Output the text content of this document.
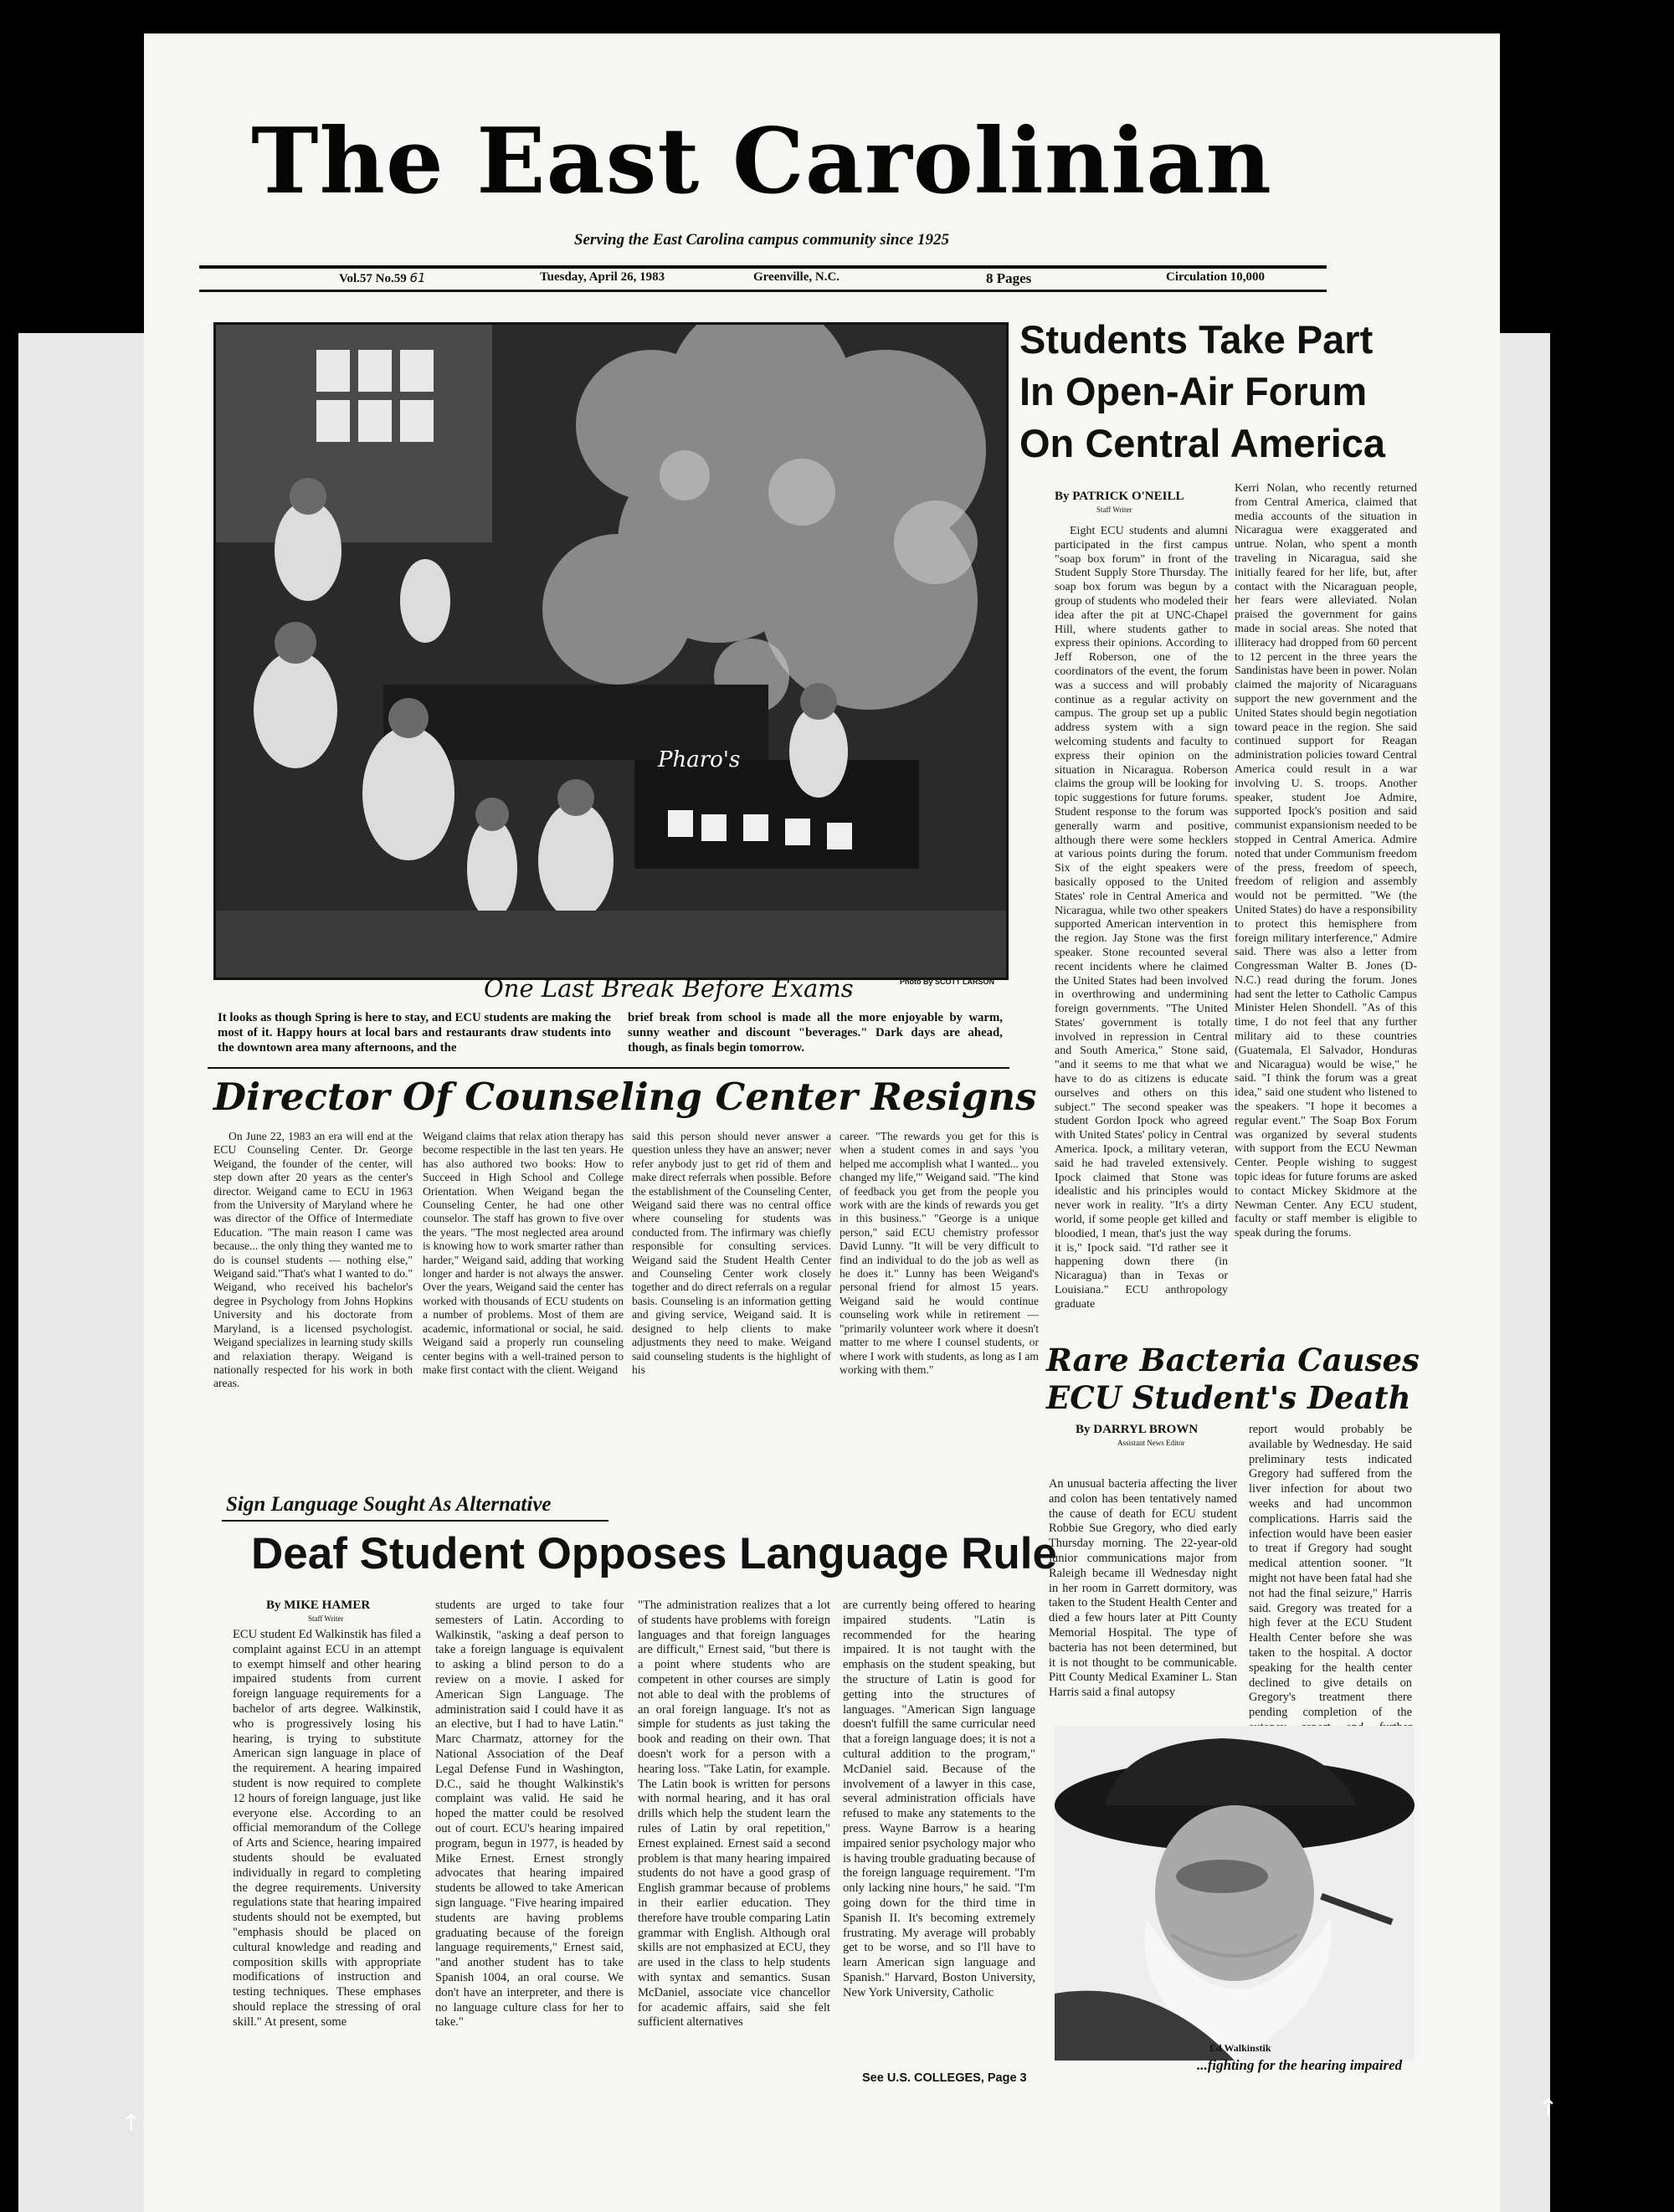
↑
↑
The East Carolinian
Serving the East Carolina campus community since 1925
Vol.57 No.59 61	Tuesday, April 26, 1983	Greenville, N.C.	8 Pages	Circulation 10,000
Pharo's
Photo By SCOTT LARSON
One Last Break Before Exams
It looks as though Spring is here to stay, and ECU students are making the most of it. Happy hours at local bars and restaurants draw students into the downtown area many afternoons, and the
brief break from school is made all the more enjoyable by warm, sunny weather and discount "beverages." Dark days are ahead, though, as finals begin tomorrow.
Students Take Part
In Open-Air Forum
On Central America
By PATRICK O'NEILL
Staff Writer
Eight ECU students and alumni participated in the first campus "soap box forum" in front of the Student Supply Store Thursday. The soap box forum was begun by a group of students who modeled their idea after the pit at UNC-Chapel Hill, where students gather to express their opinions. According to Jeff Roberson, one of the coordinators of the event, the forum was a success and will probably continue as a regular activity on campus. The group set up a public address system with a sign welcoming students and faculty to express their opinion on the situation in Nicaragua. Roberson claims the group will be looking for topic suggestions for future forums. Student response to the forum was generally warm and positive, although there were some hecklers at various points during the forum. Six of the eight speakers were basically opposed to the United States' role in Central America and Nicaragua, while two other speakers supported American intervention in the region. Jay Stone was the first speaker. Stone recounted several recent incidents where he claimed the United States had been involved in overthrowing and undermining foreign governments. "The United States' government is totally involved in repression in Central and South America," Stone said, "and it seems to me that what we have to do as citizens is educate ourselves and others on this subject." The second speaker was student Gordon Ipock who agreed with United States' policy in Central America. Ipock, a military veteran, said he had traveled extensively. Ipock claimed that Stone was idealistic and his principles would never work in reality. "It's a dirty world, if some people get killed and bloodied, I mean, that's just the way it is," Ipock said. "I'd rather see it happening down there (in Nicaragua) than in Texas or Louisiana." ECU anthropology graduate
Kerri Nolan, who recently returned from Central America, claimed that media accounts of the situation in Nicaragua were exaggerated and untrue. Nolan, who spent a month traveling in Nicaragua, said she initially feared for her life, but, after contact with the Nicaraguan people, her fears were alleviated. Nolan praised the government for gains made in social areas. She noted that illiteracy had dropped from 60 percent to 12 percent in the three years the Sandinistas have been in power. Nolan claimed the majority of Nicaraguans support the new government and the United States should begin negotiation toward peace in the region. She said continued support for Reagan administration policies toward Central America could result in a war involving U. S. troops. Another speaker, student Joe Admire, supported Ipock's position and said communist expansionism needed to be stopped in Central America. Admire noted that under Communism freedom of the press, freedom of speech, freedom of religion and assembly would not be permitted. "We (the United States) do have a responsibility to protect this hemisphere from foreign military interference," Admire said. There was also a letter from Congressman Walter B. Jones (D-N.C.) read during the forum. Jones had sent the letter to Catholic Campus Minister Helen Shondell. "As of this time, I do not feel that any further military aid to these countries (Guatemala, El Salvador, Honduras and Nicaragua) would be wise," he said. "I think the forum was a great idea," said one student who listened to the speakers. "I hope it becomes a regular event." The Soap Box Forum was organized by several students with support from the ECU Newman Center. People wishing to suggest topic ideas for future forums are asked to contact Mickey Skidmore at the Newman Center. Any ECU student, faculty or staff member is eligible to speak during the forums.
Director Of Counseling Center Resigns
On June 22, 1983 an era will end at the ECU Counseling Center. Dr. George Weigand, the founder of the center, will step down after 20 years as the center's director. Weigand came to ECU in 1963 from the University of Maryland where he was director of the Office of Intermediate Education. "The main reason I came was because... the only thing they wanted me to do is counsel students — nothing else," Weigand said."That's what I wanted to do." Weigand, who received his bachelor's degree in Psychology from Johns Hopkins University and his doctorate from Maryland, is a licensed psychologist. Weigand specializes in learning study skills and relaxiation therapy. Weigand is nationally respected for his work in both areas.
Weigand claims that relax ation therapy has become respectible in the last ten years. He has also authored two books: How to Succeed in High School and College Orientation. When Weigand began the Counseling Center, he had one other counselor. The staff has grown to five over the years. "The most neglected area around is knowing how to work smarter rather than harder," Weigand said, adding that working longer and harder is not always the answer. Over the years, Weigand said the center has worked with thousands of ECU students on a number of problems. Most of them are academic, informational or social, he said. Weigand said a properly run counseling center begins with a well-trained person to make first contact with the client. Weigand
said this person should never answer a question unless they have an answer; never refer anybody just to get rid of them and make direct referrals when possible. Before the establishment of the Counseling Center, Weigand said there was no central office where counseling for students was conducted from. The infirmary was chiefly responsible for consulting services. Weigand said the Student Health Center and Counseling Center work closely together and do direct referrals on a regular basis. Counseling is an information getting and giving service, Weigand said. It is designed to help clients to make adjustments they need to make. Weigand said counseling students is the highlight of his
career. "The rewards you get for this is when a student comes in and says 'you helped me accomplish what I wanted... you changed my life,'" Weigand said. "The kind of feedback you get from the people you work with are the kinds of rewards you get in this business." "George is a unique person," said ECU chemistry professor David Lunny. "It will be very difficult to find an individual to do the job as well as he does it." Lunny has been Weigand's personal friend for almost 15 years. Weigand said he would continue counseling work while in retirement — "primarily volunteer work where it doesn't matter to me where I counsel students, or where I work with students, as long as I am working with them."
Sign Language Sought As Alternative
Deaf Student Opposes Language Rule
By MIKE HAMER
Staff Writer
ECU student Ed Walkinstik has filed a complaint against ECU in an attempt to exempt himself and other hearing impaired students from current foreign language requirements for a bachelor of arts degree. Walkinstik, who is progressively losing his hearing, is trying to substitute American sign language in place of the requirement. A hearing impaired student is now required to complete 12 hours of foreign language, just like everyone else. According to an official memorandum of the College of Arts and Science, hearing impaired students should be evaluated individually in regard to completing the degree requirements. University regulations state that hearing impaired students should not be exempted, but "emphasis should be placed on cultural knowledge and reading and composition skills with appropriate modifications of instruction and testing techniques. These emphases should replace the stressing of oral skill." At present, some
students are urged to take four semesters of Latin. According to Walkinstik, "asking a deaf person to take a foreign language is equivalent to asking a blind person to do a review on a movie. I asked for American Sign Language. The administration said I could have it as an elective, but I had to have Latin." Marc Charmatz, attorney for the National Association of the Deaf Legal Defense Fund in Washington, D.C., said he thought Walkinstik's complaint was valid. He said he hoped the matter could be resolved out of court. ECU's hearing impaired program, begun in 1977, is headed by Mike Ernest. Ernest strongly advocates that hearing impaired students be allowed to take American sign language. "Five hearing impaired students are having problems graduating because of the foreign language requirements," Ernest said, "and another student has to take Spanish 1004, an oral course. We don't have an interpreter, and there is no language culture class for her to take."
"The administration realizes that a lot of students have problems with foreign languages and that foreign languages are difficult," Ernest said, "but there is a point where students who are competent in other courses are simply not able to deal with the problems of an oral foreign language. It's not as simple for students as just taking the book and reading on their own. That doesn't work for a person with a hearing loss. "Take Latin, for example. The Latin book is written for persons with normal hearing, and it has oral drills which help the student learn the rules of Latin by oral repetition," Ernest explained. Ernest said a second problem is that many hearing impaired students do not have a good grasp of English grammar because of problems in their earlier education. They therefore have trouble comparing Latin grammar with English. Although oral skills are not emphasized at ECU, they are used in the class to help students with syntax and semantics. Susan McDaniel, associate vice chancellor for academic affairs, said she felt sufficient alternatives
are currently being offered to hearing impaired students. "Latin is recommended for the hearing impaired. It is not taught with the emphasis on the student speaking, but the structure of Latin is good for getting into the structures of languages. "American Sign language doesn't fulfill the same curricular need that a foreign language does; it is not a cultural addition to the program," McDaniel said. Because of the involvement of a lawyer in this case, several administration officials have refused to make any statements to the press. Wayne Barrow is a hearing impaired senior psychology major who is having trouble graduating because of the foreign language requirement. "I'm only lacking nine hours," he said. "I'm going down for the third time in Spanish II. It's becoming extremely frustrating. My average will probably get to be worse, and so I'll have to learn American sign language and Spanish." Harvard, Boston University, New York University, Catholic
See U.S. COLLEGES, Page 3
Rare Bacteria Causes
ECU Student's Death
By DARRYL BROWN
Assistant News Editor
An unusual bacteria affecting the liver and colon has been tentatively named the cause of death for ECU student Robbie Sue Gregory, who died early Thursday morning. The 22-year-old junior communications major from Raleigh became ill Wednesday night in her room in Garrett dormitory, was taken to the Student Health Center and died a few hours later at Pitt County Memorial Hospital. The type of bacteria has not been determined, but it is not thought to be communicable. Pitt County Medical Examiner L. Stan Harris said a final autopsy
report would probably be available by Wednesday. He said preliminary tests indicated Gregory had suffered from the liver infection for about two weeks and had uncommon complications. Harris said the infection would have been easier to treat if Gregory had sought medical attention sooner. "It might not have been fatal had she not had the final seizure," Harris said. Gregory was treated for a high fever at the ECU Student Health Center before she was taken to the hospital. A doctor speaking for the health center declined to give details on Gregory's treatment there pending completion of the
Ed Walkinstik
...fighting for the hearing impaired
